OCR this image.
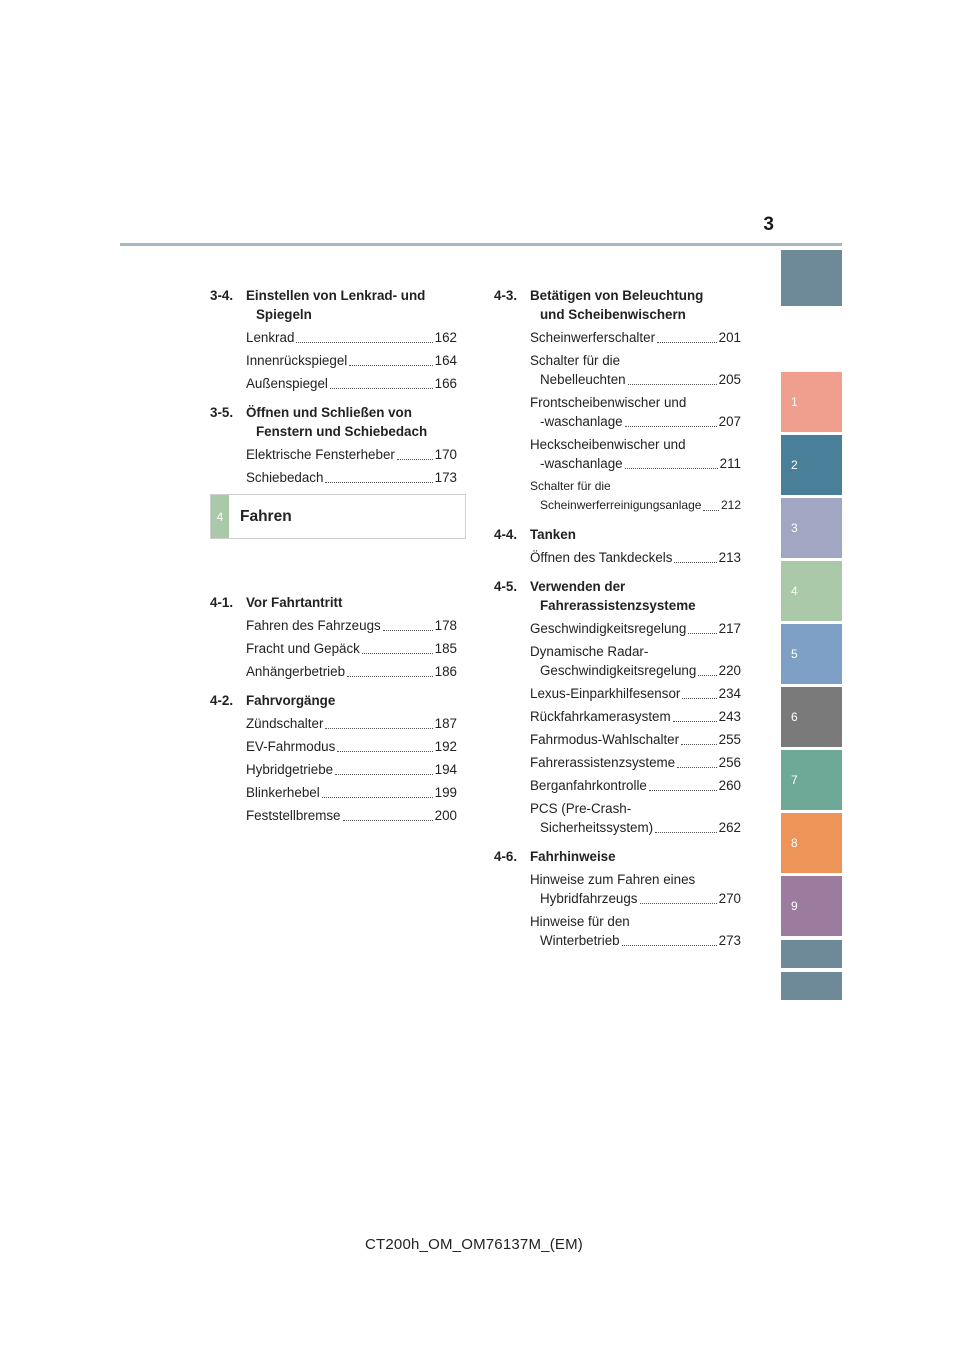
3
1
2
3
4
5
6
7
8
9
3-4. Einstellen von Lenkrad- und
Spiegeln
Lenkrad	162
Innenrückspiegel	164
Außenspiegel	166
3-5. Öffnen und Schließen von
Fenstern und Schiebedach
Elektrische Fensterheber	170
Schiebedach	173
4-1. Vor Fahrtantritt
Fahren des Fahrzeugs	178
Fracht und Gepäck	185
Anhängerbetrieb	186
4-2. Fahrvorgänge
Zündschalter	187
EV-Fahrmodus	192
Hybridgetriebe	194
Blinkerhebel	199
Feststellbremse	200
4-3. Betätigen von Beleuchtung
und Scheibenwischern
Scheinwerferschalter	201
Schalter für die
Nebelleuchten	205
Frontscheibenwischer und
-waschanlage	207
Heckscheibenwischer und
-waschanlage	211
Schalter für die
Scheinwerferreinigungsanlage 212
4-4. Tanken
Öffnen des Tankdeckels	213
4-5. Verwenden der
Fahrerassistenzsysteme
Geschwindigkeitsregelung 217
Dynamische Radar-
Geschwindigkeitsregelung 220
Lexus-Einparkhilfesensor	234
Rückfahrkamerasystem	243
Fahrmodus-Wahlschalter	255
Fahrerassistenzsysteme	256
Berganfahrkontrolle	260
PCS (Pre-Crash-
Sicherheitssystem)	262
4-6. Fahrhinweise
Hinweise zum Fahren eines
Hybridfahrzeugs	270
Hinweise für den
Winterbetrieb	273
4	Fahren
CT200h_OM_OM76137M_(EM)
